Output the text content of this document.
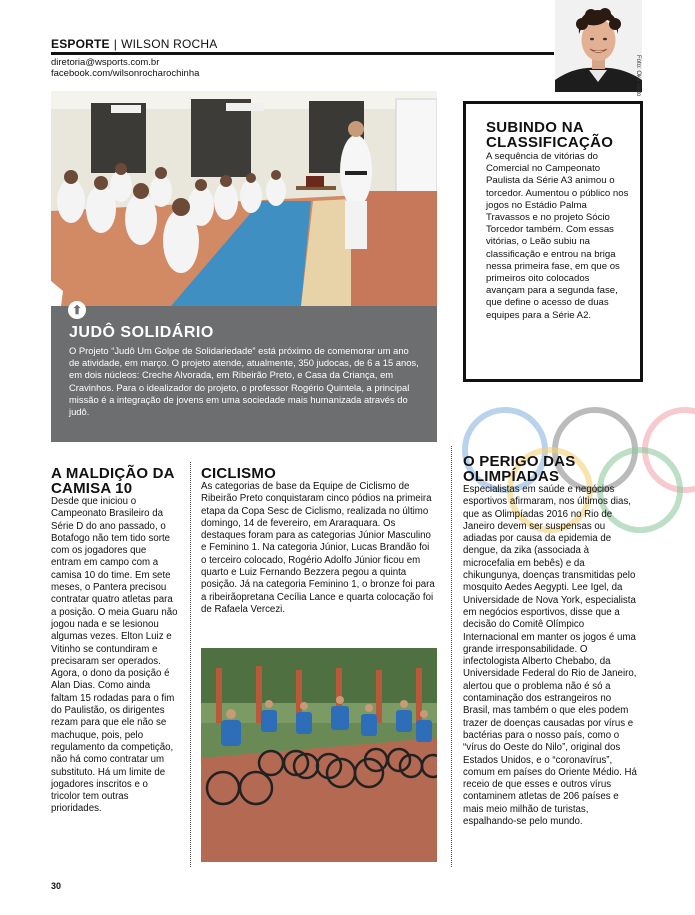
ESPORTE | WILSON ROCHA
diretoria@wsports.com.br
facebook.com/wilsonrocharochinha	Foto: Oka Inoto
⬆
JUDÔ SOLIDÁRIO
O Projeto “Judô Um Golpe de Solidariedade” está próximo de comemorar um ano de atividade, em março. O projeto atende, atualmente, 350 judocas, de 6 a 15 anos, em dois núcleos: Creche Alvorada, em Ribeirão Preto, e Casa da Criança, em Cravinhos. Para o idealizador do projeto, o professor Rogério Quintela, a principal missão é a integração de jovens em uma sociedade mais humanizada através do judô.
SUBINDO NA CLASSIFICAÇÃO
A sequência de vitórias do Comercial no Campeonato Paulista da Série A3 animou o torcedor. Aumentou o público nos jogos no Estádio Palma Travassos e no projeto Sócio Torcedor também. Com essas vitórias, o Leão subiu na classificação e entrou na briga nessa primeira fase, em que os primeiros oito colocados avançam para a segunda fase, que define o acesso de duas equipes para a Série A2.
A MALDIÇÃO DA CAMISA 10
Desde que iniciou o Campeonato Brasileiro da Série D do ano passado, o Botafogo não tem tido sorte com os jogadores que entram em campo com a camisa 10 do time. Em sete meses, o Pantera precisou contratar quatro atletas para a posição. O meia Guaru não jogou nada e se lesionou algumas vezes. Elton Luiz e Vitinho se contundiram e precisaram ser operados. Agora, o dono da posição é Alan Dias. Como ainda faltam 15 rodadas para o fim do Paulistão, os dirigentes rezam para que ele não se machuque, pois, pelo regulamento da competição, não há como contratar um substituto. Há um limite de jogadores inscritos e o tricolor tem outras prioridades.
CICLISMO
As categorias de base da Equipe de Ciclismo de Ribeirão Preto conquistaram cinco pódios na primeira etapa da Copa Sesc de Ciclismo, realizada no último domingo, 14 de fevereiro, em Araraquara. Os destaques foram para as categorias Júnior Masculino e Feminino 1. Na categoria Júnior, Lucas Brandão foi o terceiro colocado, Rogério Adolfo Júnior ficou em quarto e Luiz Fernando Bezzera pegou a quinta posição. Já na categoria Feminino 1, o bronze foi para a ribeirãopretana Cecília Lance e quarta colocação foi de Rafaela Vercezi.
O PERIGO DAS OLIMPÍADAS
Especialistas em saúde e negócios esportivos afirmaram, nos últimos dias, que as Olimpíadas 2016 no Rio de Janeiro devem ser suspensas ou adiadas por causa da epidemia de dengue, da zika (associada à microcefalia em bebês) e da chikungunya, doenças transmitidas pelo mosquito Aedes Aegypti. Lee Igel, da Universidade de Nova York, especialista em negócios esportivos, disse que a decisão do Comitê Olímpico Internacional em manter os jogos é uma grande irresponsabilidade. O infectologista Alberto Chebabo, da Universidade Federal do Rio de Janeiro, alertou que o problema não é só a contaminação dos estrangeiros no Brasil, mas também o que eles podem trazer de doenças causadas por vírus e bactérias para o nosso país, como o “vírus do Oeste do Nilo”, original dos Estados Unidos, e o “coronavírus”, comum em países do Oriente Médio. Há receio de que esses e outros vírus contaminem atletas de 206 países e mais meio milhão de turistas, espalhando-se pelo mundo.
30
